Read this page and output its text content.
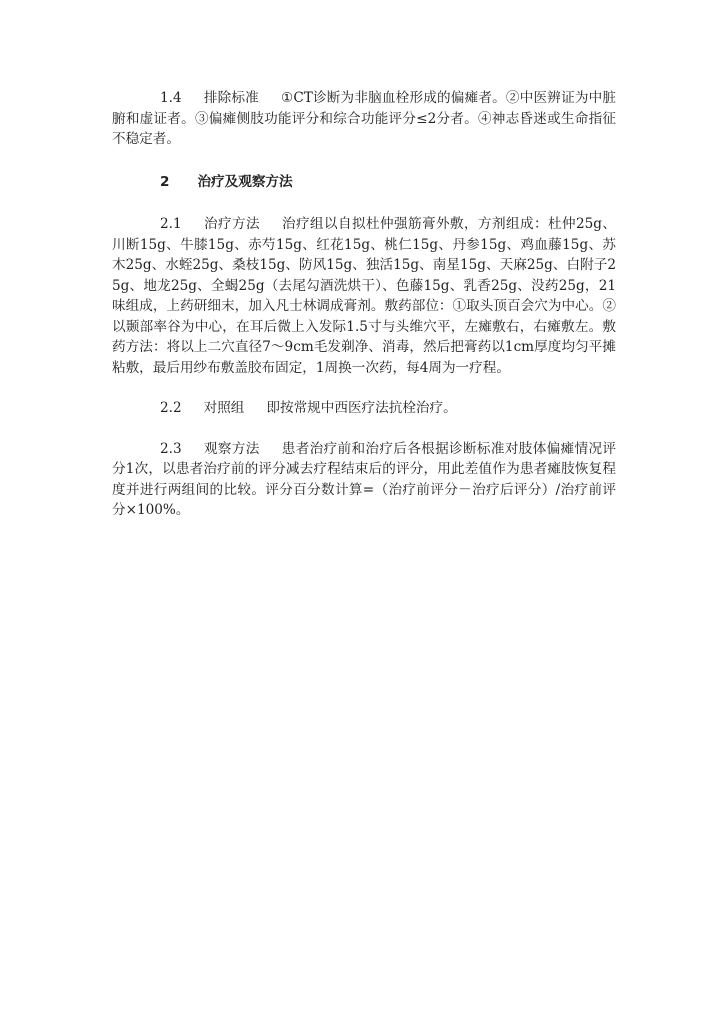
1.4 排除标准 ①CT诊断为非脑血栓形成的偏瘫者。②中医辨证为中脏腑和虚证者。③偏瘫侧肢功能评分和综合功能评分≤2分者。④神志昏迷或生命指征不稳定者。

2 治疗及观察方法

2.1 治疗方法 治疗组以自拟杜仲强筋膏外敷，方剂组成：杜仲25g、川断15g、牛膝15g、赤芍15g、红花15g、桃仁15g、丹参15g、鸡血藤15g、苏木25g、水蛭25g、桑枝15g、防风15g、独活15g、南星15g、天麻25g、白附子25g、地龙25g、全蝎25g（去尾勾酒洗烘干）、色藤15g、乳香25g、没药25g，21味组成，上药研细末，加入凡士林调成膏剂。敷药部位：①取头顶百会穴为中心。②以颞部率谷为中心，在耳后微上入发际1.5寸与头维穴平，左瘫敷右，右瘫敷左。敷药方法：将以上二穴直径7～9cm毛发剃净、消毒，然后把膏药以1cm厚度均匀平摊粘敷，最后用纱布敷盖胶布固定，1周换一次药，每4周为一疗程。

2.2 对照组 即按常规中西医疗法抗栓治疗。

2.3 观察方法 患者治疗前和治疗后各根据诊断标准对肢体偏瘫情况评分1次，以患者治疗前的评分减去疗程结束后的评分，用此差值作为患者瘫肢恢复程度并进行两组间的比较。评分百分数计算=（治疗前评分－治疗后评分）/治疗前评分×100%。
